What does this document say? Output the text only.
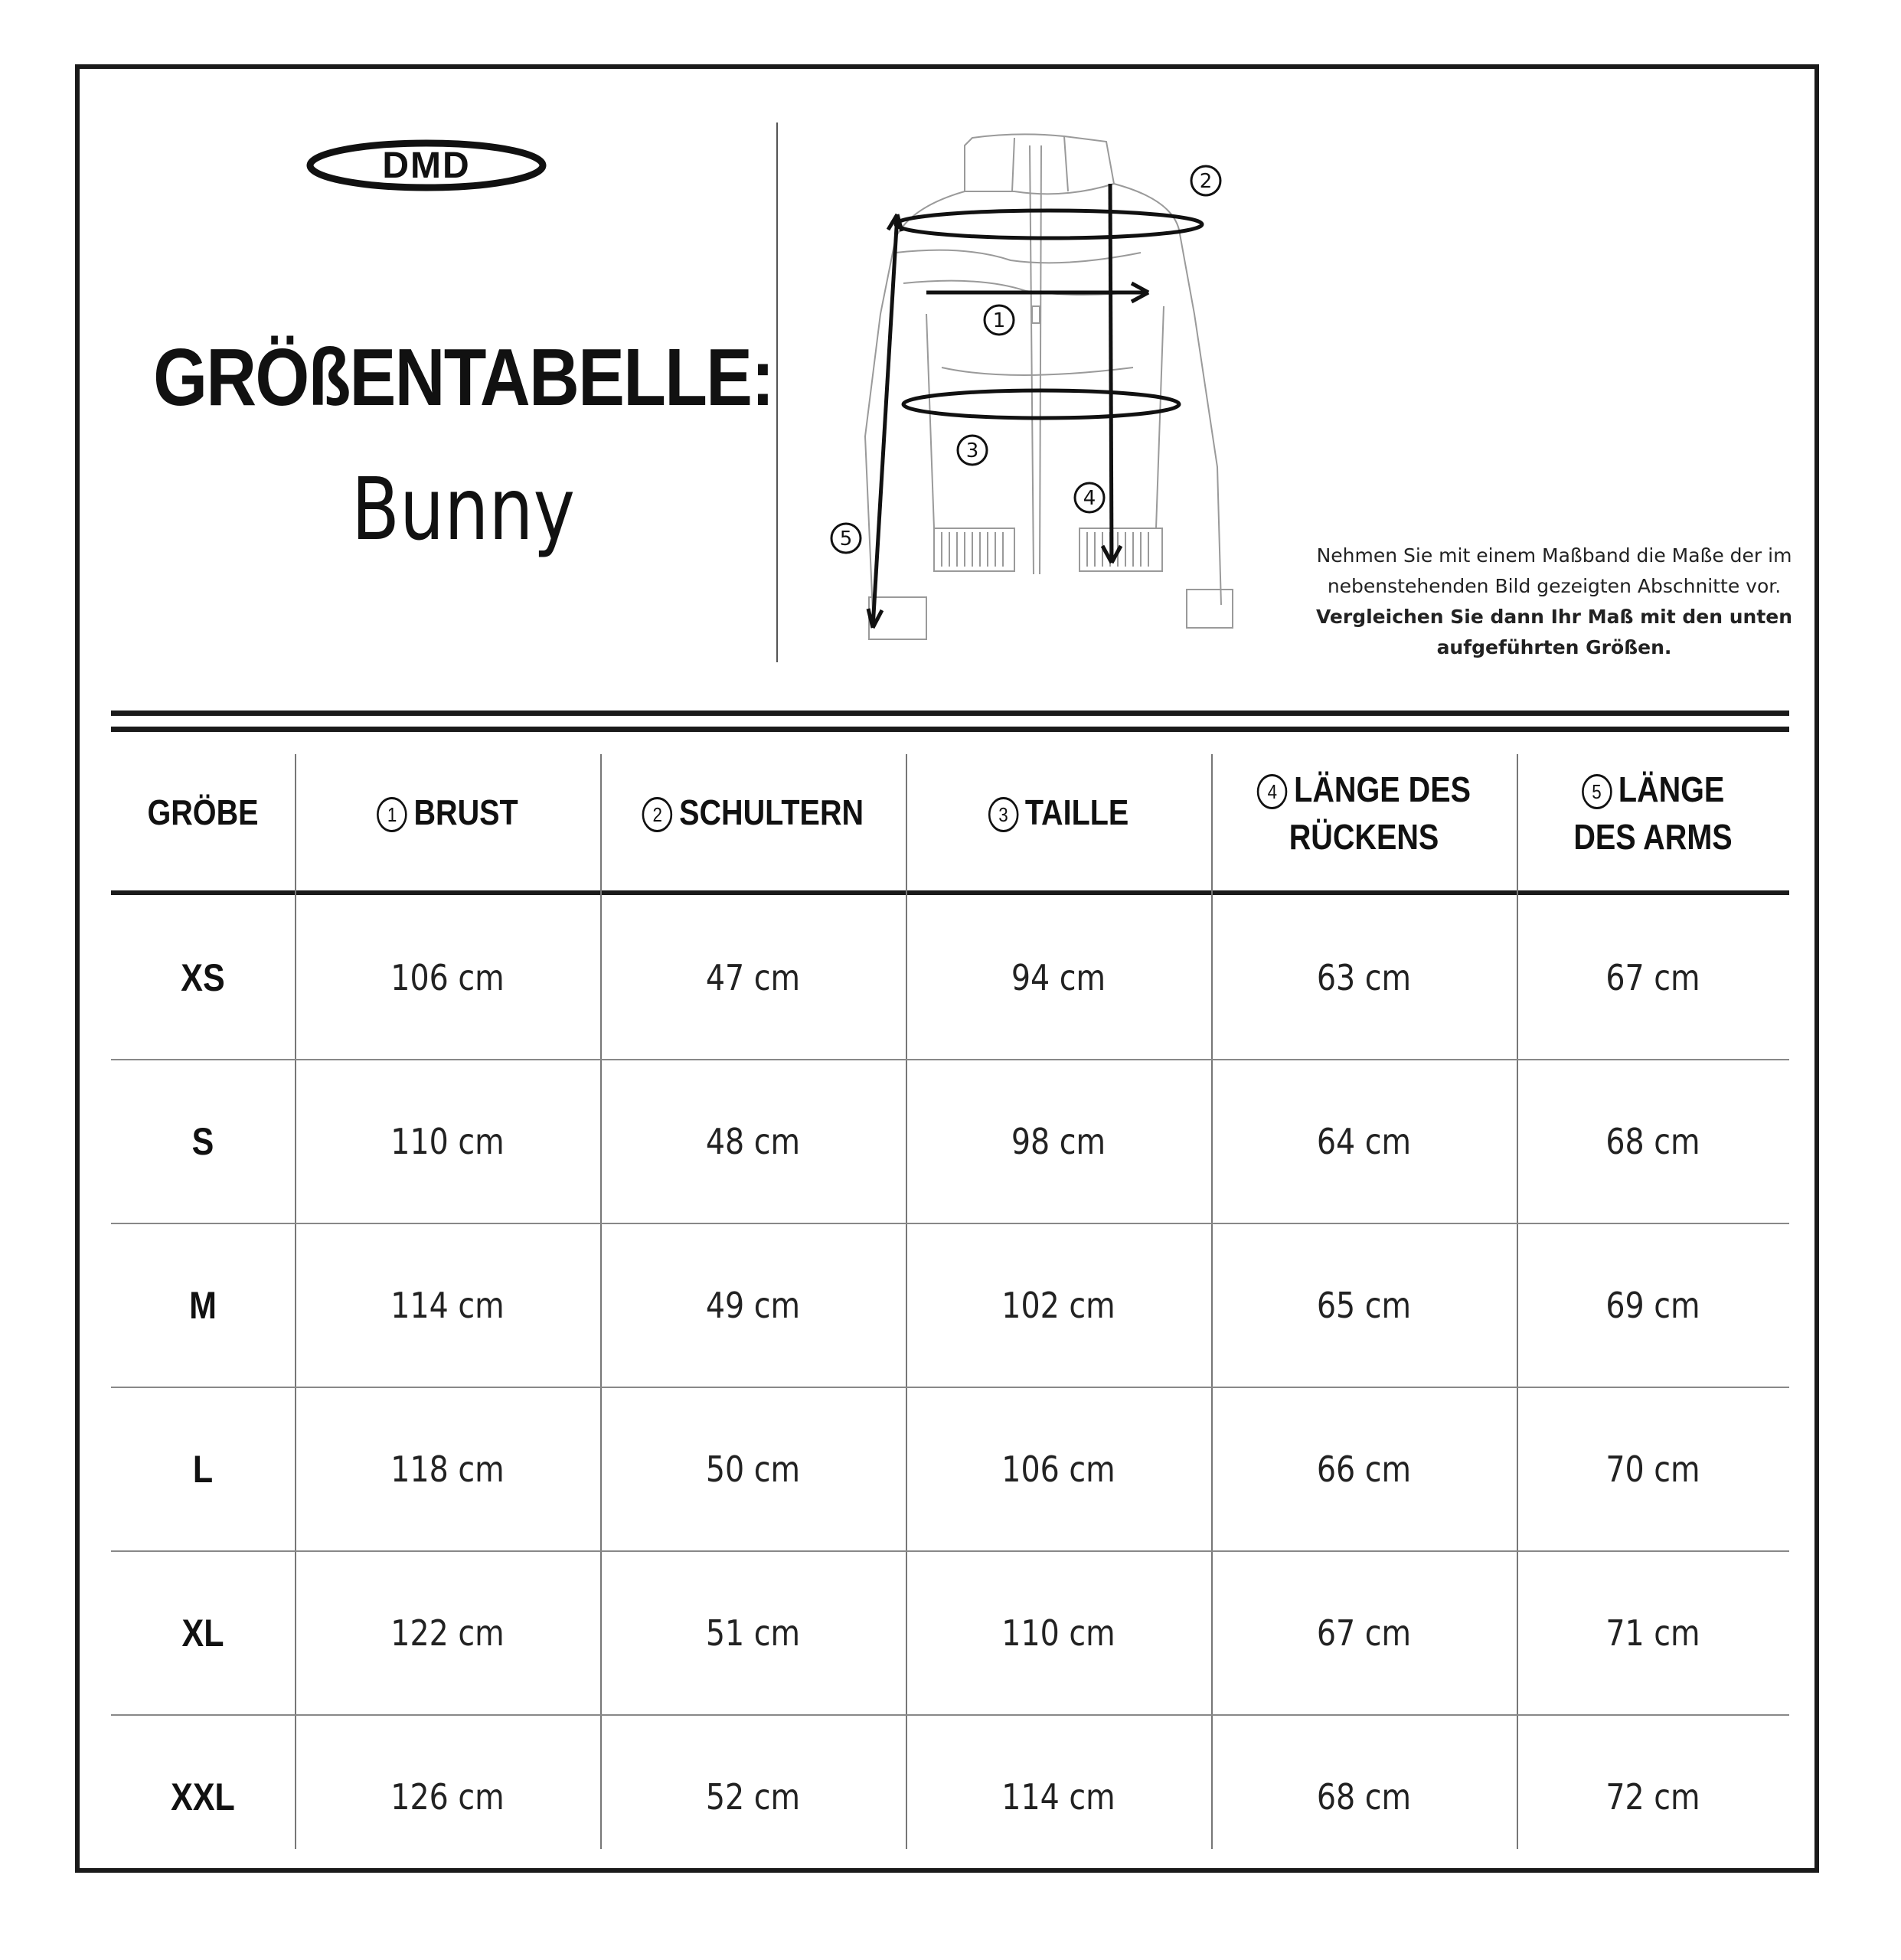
DMD
GRÖßENTABELLE:
Bunny
1
2
3
4
5
Nehmen Sie mit einem Maßband die Maße der im
nebenstehenden Bild gezeigten Abschnitte vor.
Vergleichen Sie dann Ihr Maß mit den unten
aufgeführten Größen.
GRÖBE	1 BRUST	2 SCHULTERN	3 TAILLE
4 LÄNGE DES
RÜCKENS
5 LÄNGE
DES ARMS
XS	106 cm	47 cm	94 cm	63 cm	67 cm
S	110 cm	48 cm	98 cm	64 cm	68 cm
M	114 cm	49 cm	102 cm	65 cm	69 cm
L	118 cm	50 cm	106 cm	66 cm	70 cm
XL	122 cm	51 cm	110 cm	67 cm	71 cm
XXL	126 cm	52 cm	114 cm	68 cm	72 cm
